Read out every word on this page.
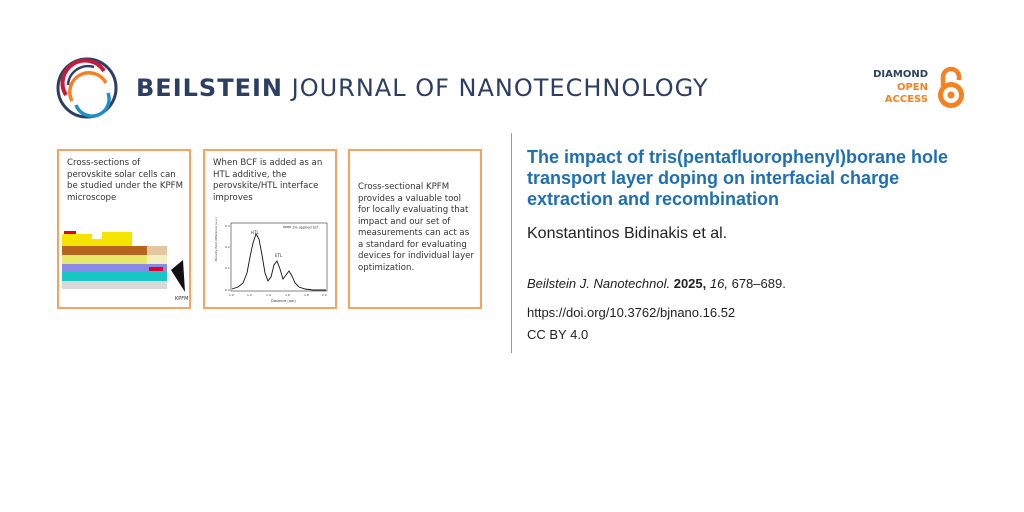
BEILSTEIN JOURNAL OF NANOTECHNOLOGY	DIAMOND
OPEN
ACCESS
Cross-sections of perovskite solar cells can be studied under the KPFM microscope
KPFM
When BCF is added as an HTL additive, the perovskite/HTL interface improves
Density field difference (a.u.) 0.3
0.2
0.1
0.0
1.0	1.2	1.4	1.6	1.8	2.0
Distance (µm)
1% applied bcf
HTL
ETL
Cross-sectional KPFM provides a valuable tool for locally evaluating that impact and our set of measurements can act as a standard for evaluating devices for individual layer optimization.
The impact of tris(pentafluorophenyl)borane hole transport layer doping on interfacial charge extraction and recombination
Konstantinos Bidinakis et al.
Beilstein J. Nanotechnol. 2025, 16, 678–689.
https://doi.org/10.3762/bjnano.16.52
CC BY 4.0
